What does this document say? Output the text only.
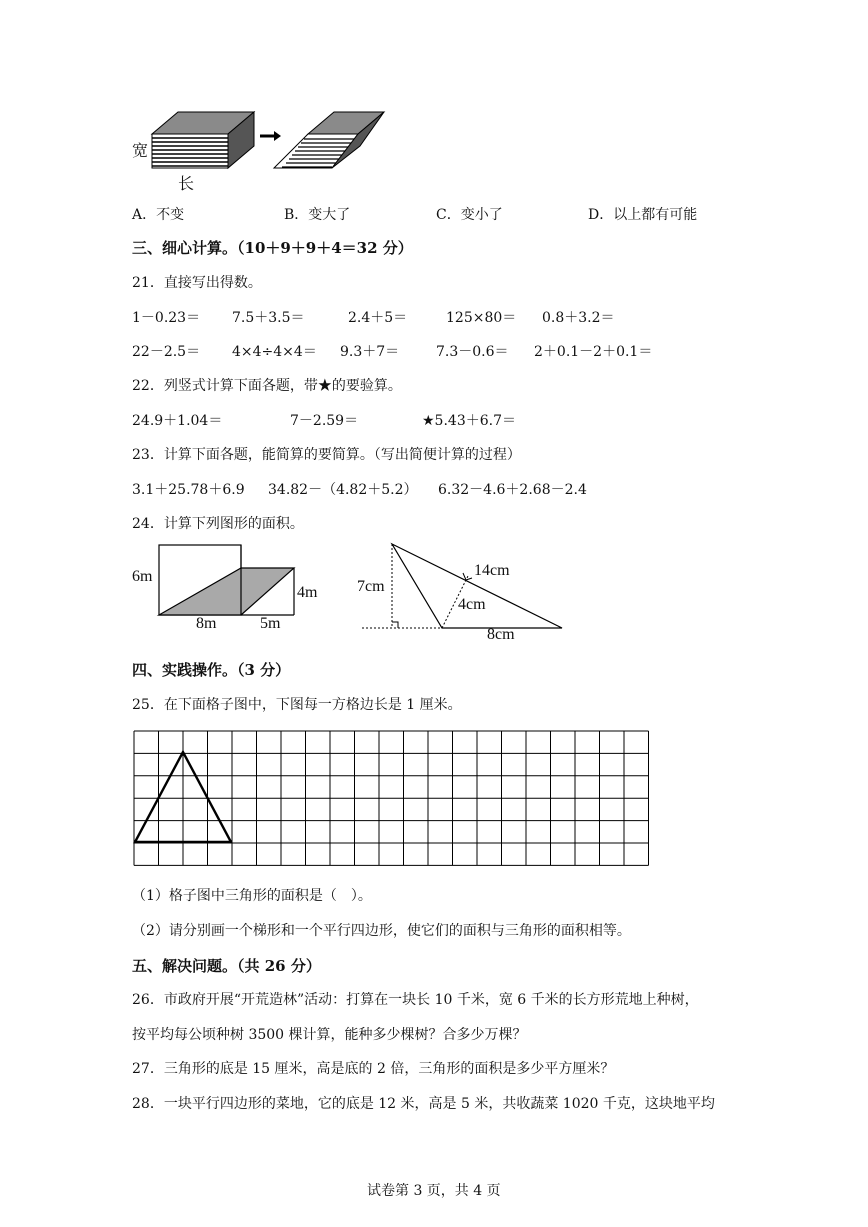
宽
长
A．不变	B．变大了	C．变小了	D．以上都有可能
三、细心计算。（10＋9＋9＋4＝32 分）
21．直接写出得数。
1－0.23＝ 7.5＋3.5＝	2.4＋5＝	125×80＝ 0.8＋3.2＝
22－2.5＝ 4×4÷4×4＝ 9.3＋7＝	7.3－0.6＝ 2＋0.1－2＋0.1＝
22．列竖式计算下面各题，带★的要验算。
24.9＋1.04＝	7－2.59＝	★5.43＋6.7＝
23．计算下面各题，能简算的要简算。（写出简便计算的过程）
3.1＋25.78＋6.9 34.82－（4.82＋5.2） 6.32－4.6＋2.68－2.4
24．计算下列图形的面积。
6m
8m	5m
4m 7cm
14cm
4cm
8cm
四、实践操作。（3 分）
25．在下面格子图中，下图每一方格边长是 1 厘米。
（1）格子图中三角形的面积是（　）。
（2）请分别画一个梯形和一个平行四边形，使它们的面积与三角形的面积相等。
五、解决问题。（共 26 分）
26．市政府开展“开荒造林”活动：打算在一块长 10 千米，宽 6 千米的长方形荒地上种树，
按平均每公顷种树 3500 棵计算，能种多少棵树？合多少万棵？
27．三角形的底是 15 厘米，高是底的 2 倍，三角形的面积是多少平方厘米？
28．一块平行四边形的菜地，它的底是 12 米，高是 5 米，共收蔬菜 1020 千克，这块地平均
试卷第 3 页，共 4 页
